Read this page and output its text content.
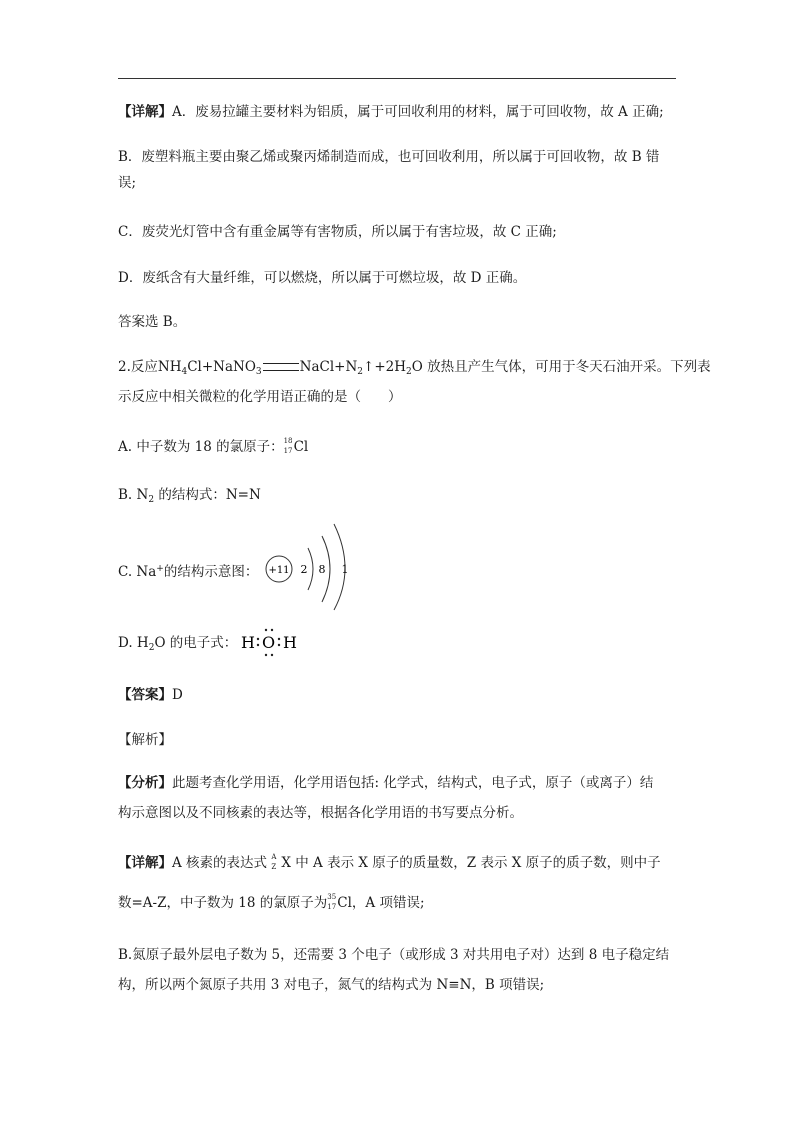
【详解】A．废易拉罐主要材料为铝质，属于可回收利用的材料，属于可回收物，故 A 正确;
B．废塑料瓶主要由聚乙烯或聚丙烯制造而成，也可回收利用，所以属于可回收物，故 B 错
误;
C．废荧光灯管中含有重金属等有害物质，所以属于有害垃圾，故 C 正确;
D．废纸含有大量纤维，可以燃烧，所以属于可燃垃圾，故 D 正确。
答案选 B。
2.反应$NH_4Cl+NaNO_3$	$NaCl+N_2↑+2H_2O$ 放热且产生气体，可用于冬天石油开采。下列表
示反应中相关微粒的化学用语正确的是（　　）
A. 中子数为 18 的氯原子： 18
17 Cl
B. $N_2$ 的结构式：N=N
C. Na+的结构示意图：	+11 2 8 1
D. $H_2O$ 的电子式： H O H
【答案】D
【解析】
【分析】此题考查化学用语，化学用语包括: 化学式，结构式，电子式，原子（或离子）结
构示意图以及不同核素的表达等，根据各化学用语的书写要点分析。
【详解】A 核素的表达式 A
Z X 中 A 表示 X 原子的质量数，Z 表示 X 原子的质子数，则中子
数=A-Z，中子数为 18 的氯原子为 35
17 Cl，A 项错误;
B.氮原子最外层电子数为 5，还需要 3 个电子（或形成 3 对共用电子对）达到 8 电子稳定结
构，所以两个氮原子共用 3 对电子，氮气的结构式为 N≡N，B 项错误;
